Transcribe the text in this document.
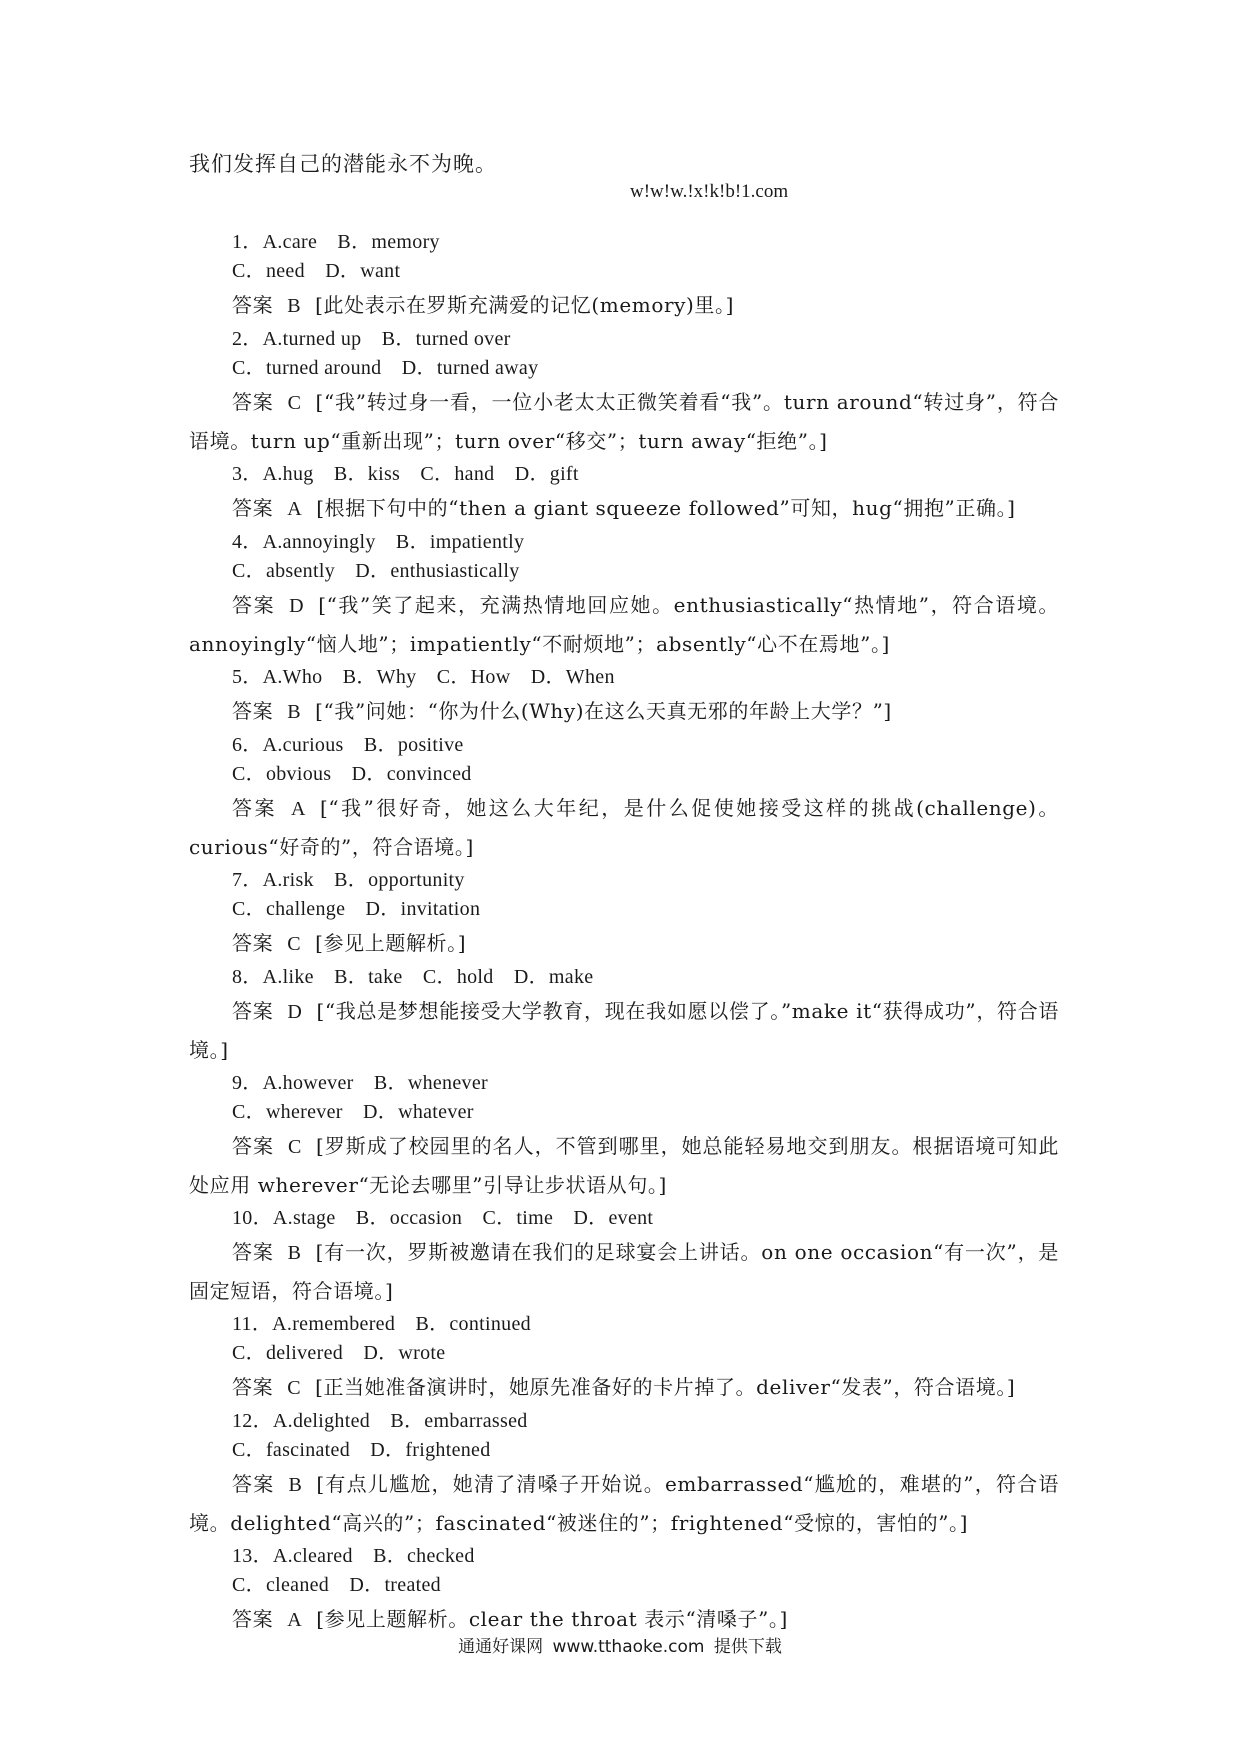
我们发挥自己的潜能永不为晚。
w!w!w.!x!k!b!1.com
1．A.care　B．memory
C．need　D．want

答案 B [此处表示在罗斯充满爱的记忆(memory)里。]

2．A.turned up　B．turned over
C．turned around　D．turned away

答案 C [“我”转过身一看，一位小老太太正微笑着看“我”。turn around“转过身”，符合语境。turn up“重新出现”；turn over“移交”；turn away“拒绝”。]

3．A.hug　B．kiss　C．hand　D．gift

答案 A [根据下句中的“then a giant squeeze followed”可知，hug“拥抱”正确。]

4．A.annoyingly　B．impatiently
C．absently　D．enthusiastically

答案 D [“我”笑了起来，充满热情地回应她。enthusiastically“热情地”，符合语境。annoyingly“恼人地”；impatiently“不耐烦地”；absently“心不在焉地”。]

5．A.Who　B．Why　C．How　D．When

答案 B [“我”问她：“你为什么(Why)在这么天真无邪的年龄上大学？”]

6．A.curious　B．positive
C．obvious　D．convinced

答案 A [“我”很好奇，她这么大年纪，是什么促使她接受这样的挑战(challenge)。curious“好奇的”，符合语境。]

7．A.risk　B．opportunity
C．challenge　D．invitation

答案 C [参见上题解析。]

8．A.like　B．take　C．hold　D．make

答案 D [“我总是梦想能接受大学教育，现在我如愿以偿了。”make it“获得成功”，符合语境。]

9．A.however　B．whenever
C．wherever　D．whatever

答案 C [罗斯成了校园里的名人，不管到哪里，她总能轻易地交到朋友。根据语境可知此处应用 wherever“无论去哪里”引导让步状语从句。]

10．A.stage　B．occasion　C．time　D．event

答案 B [有一次，罗斯被邀请在我们的足球宴会上讲话。on one occasion“有一次”，是固定短语，符合语境。]

11．A.remembered　B．continued
C．delivered　D．wrote

答案 C [正当她准备演讲时，她原先准备好的卡片掉了。deliver“发表”，符合语境。]

12．A.delighted　B．embarrassed
C．fascinated　D．frightened

答案 B [有点儿尴尬，她清了清嗓子开始说。embarrassed“尴尬的，难堪的”，符合语境。delighted“高兴的”；fascinated“被迷住的”；frightened“受惊的，害怕的”。]

13．A.cleared　B．checked
C．cleaned　D．treated

答案 A [参见上题解析。clear the throat 表示“清嗓子”。]

通通好课网 www.tthaoke.com 提供下载
